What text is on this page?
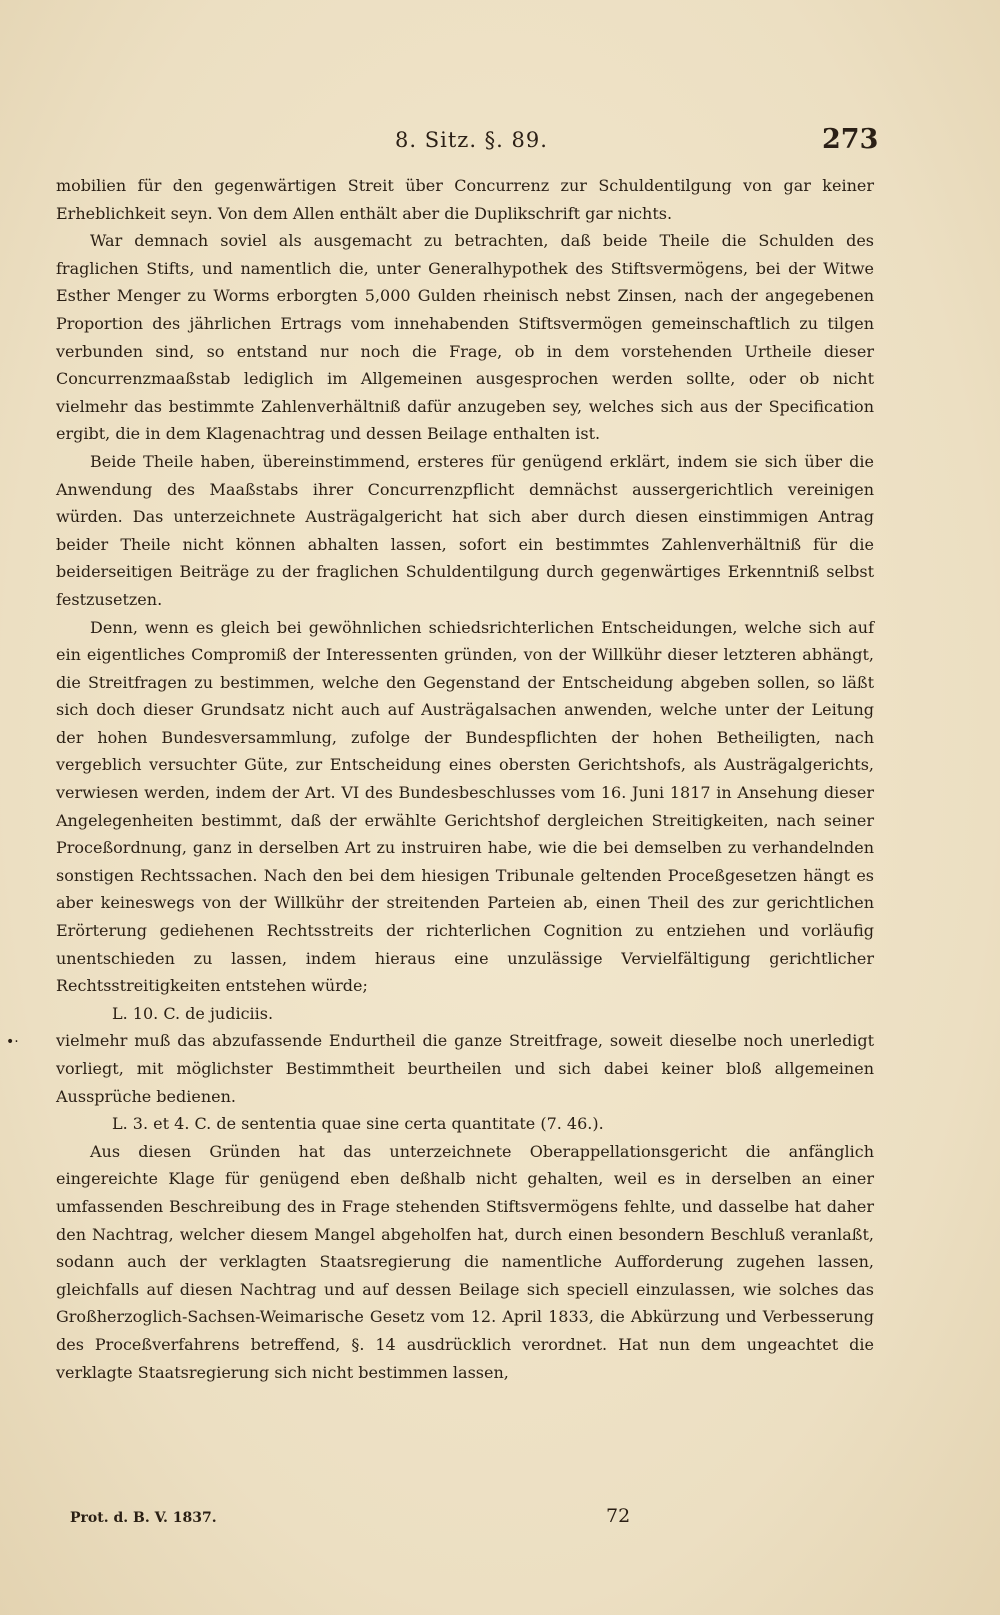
8. Sitz. §. 89.	273

mobilien für den gegenwärtigen Streit über Concurrenz zur Schuldentilgung von gar keiner Erheblichkeit seyn. Von dem Allen enthält aber die Duplikschrift gar nichts.

War demnach soviel als ausgemacht zu betrachten, daß beide Theile die Schulden des fraglichen Stifts, und namentlich die, unter Generalhypothek des Stiftsvermögens, bei der Witwe Esther Menger zu Worms erborgten 5,000 Gulden rheinisch nebst Zinsen, nach der angegebenen Proportion des jährlichen Ertrags vom innehabenden Stiftsvermögen gemeinschaftlich zu tilgen verbunden sind, so entstand nur noch die Frage, ob in dem vorstehenden Urtheile dieser Concurrenzmaaßstab lediglich im Allgemeinen ausgesprochen werden sollte, oder ob nicht vielmehr das bestimmte Zahlenverhältniß dafür anzugeben sey, welches sich aus der Specification ergibt, die in dem Klagenachtrag und dessen Beilage enthalten ist.

Beide Theile haben, übereinstimmend, ersteres für genügend erklärt, indem sie sich über die Anwendung des Maaßstabs ihrer Concurrenzpflicht demnächst aussergerichtlich vereinigen würden. Das unterzeichnete Austrägalgericht hat sich aber durch diesen einstimmigen Antrag beider Theile nicht können abhalten lassen, sofort ein bestimmtes Zahlenverhältniß für die beiderseitigen Beiträge zu der fraglichen Schuldentilgung durch gegenwärtiges Erkenntniß selbst festzusetzen.

Denn, wenn es gleich bei gewöhnlichen schiedsrichterlichen Entscheidungen, welche sich auf ein eigentliches Compromiß der Interessenten gründen, von der Willkühr dieser letzteren abhängt, die Streitfragen zu bestimmen, welche den Gegenstand der Entscheidung abgeben sollen, so läßt sich doch dieser Grundsatz nicht auch auf Austrägalsachen anwenden, welche unter der Leitung der hohen Bundesversammlung, zufolge der Bundespflichten der hohen Betheiligten, nach vergeblich versuchter Güte, zur Entscheidung eines obersten Gerichtshofs, als Austrägalgerichts, verwiesen werden, indem der Art. VI des Bundesbeschlusses vom 16. Juni 1817 in Ansehung dieser Angelegenheiten bestimmt, daß der erwählte Gerichtshof dergleichen Streitigkeiten, nach seiner Proceßordnung, ganz in derselben Art zu instruiren habe, wie die bei demselben zu verhandelnden sonstigen Rechtssachen. Nach den bei dem hiesigen Tribunale geltenden Proceßgesetzen hängt es aber keineswegs von der Willkühr der streitenden Parteien ab, einen Theil des zur gerichtlichen Erörterung gediehenen Rechtsstreits der richterlichen Cognition zu entziehen und vorläufig unentschieden zu lassen, indem hieraus eine unzulässige Vervielfältigung gerichtlicher Rechtsstreitigkeiten entstehen würde;

L. 10. C. de judiciis.

vielmehr muß das abzufassende Endurtheil die ganze Streitfrage, soweit dieselbe noch unerledigt vorliegt, mit möglichster Bestimmtheit beurtheilen und sich dabei keiner bloß allgemeinen Aussprüche bedienen.

L. 3. et 4. C. de sententia quae sine certa quantitate (7. 46.).

Aus diesen Gründen hat das unterzeichnete Oberappellationsgericht die anfänglich eingereichte Klage für genügend eben deßhalb nicht gehalten, weil es in derselben an einer umfassenden Beschreibung des in Frage stehenden Stiftsvermögens fehlte, und dasselbe hat daher den Nachtrag, welcher diesem Mangel abgeholfen hat, durch einen besondern Beschluß veranlaßt, sodann auch der verklagten Staatsregierung die namentliche Aufforderung zugehen lassen, gleichfalls auf diesen Nachtrag und auf dessen Beilage sich speciell einzulassen, wie solches das Großherzoglich-Sachsen-Weimarische Gesetz vom 12. April 1833, die Abkürzung und Verbesserung des Proceßverfahrens betreffend, §. 14 ausdrücklich verordnet. Hat nun dem ungeachtet die verklagte Staatsregierung sich nicht bestimmen lassen,

•·
Prot. d. B. V. 1837.	72
